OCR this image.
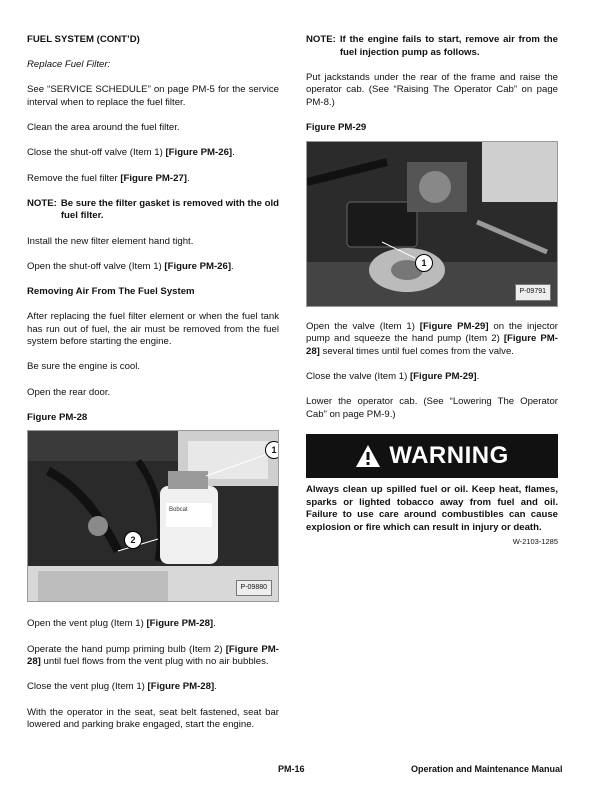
FUEL SYSTEM (CONT’D)

Replace Fuel Filter:

See “SERVICE SCHEDULE” on page PM-5 for the service interval when to replace the fuel filter.

Clean the area around the fuel filter.

Close the shut-off valve (Item 1) [Figure PM-26].

Remove the fuel filter [Figure PM-27].

NOTE: Be sure the filter gasket is removed with the old fuel filter.

Install the new filter element hand tight.

Open the shut-off valve (Item 1) [Figure PM-26].

Removing Air From The Fuel System

After replacing the fuel filter element or when the fuel tank has run out of fuel, the air must be removed from the fuel system before starting the engine.

Be sure the engine is cool.

Open the rear door.

Figure PM-28

Bobcat
1
2
P-09880

Open the vent plug (Item 1) [Figure PM-28].

Operate the hand pump priming bulb (Item 2) [Figure PM-28] until fuel flows from the vent plug with no air bubbles.

Close the vent plug (Item 1) [Figure PM-28].

With the operator in the seat, seat belt fastened, seat bar lowered and parking brake engaged, start the engine.

NOTE: If the engine fails to start, remove air from the fuel injection pump as follows.

Put jackstands under the rear of the frame and raise the operator cab. (See “Raising The Operator Cab” on page PM-8.)

Figure PM-29

1
P-09791

Open the valve (Item 1) [Figure PM-29] on the injector pump and squeeze the hand pump (Item 2) [Figure PM-28] several times until fuel comes from the valve.

Close the valve (Item 1) [Figure PM-29].

Lower the operator cab. (See “Lowering The Operator Cab” on page PM-9.)

WARNING

Always clean up spilled fuel or oil. Keep heat, flames, sparks or lighted tobacco away from fuel and oil. Failure to use care around combustibles can cause explosion or fire which can result in injury or death.

W-2103-1285
PM-16	Operation and Maintenance Manual
